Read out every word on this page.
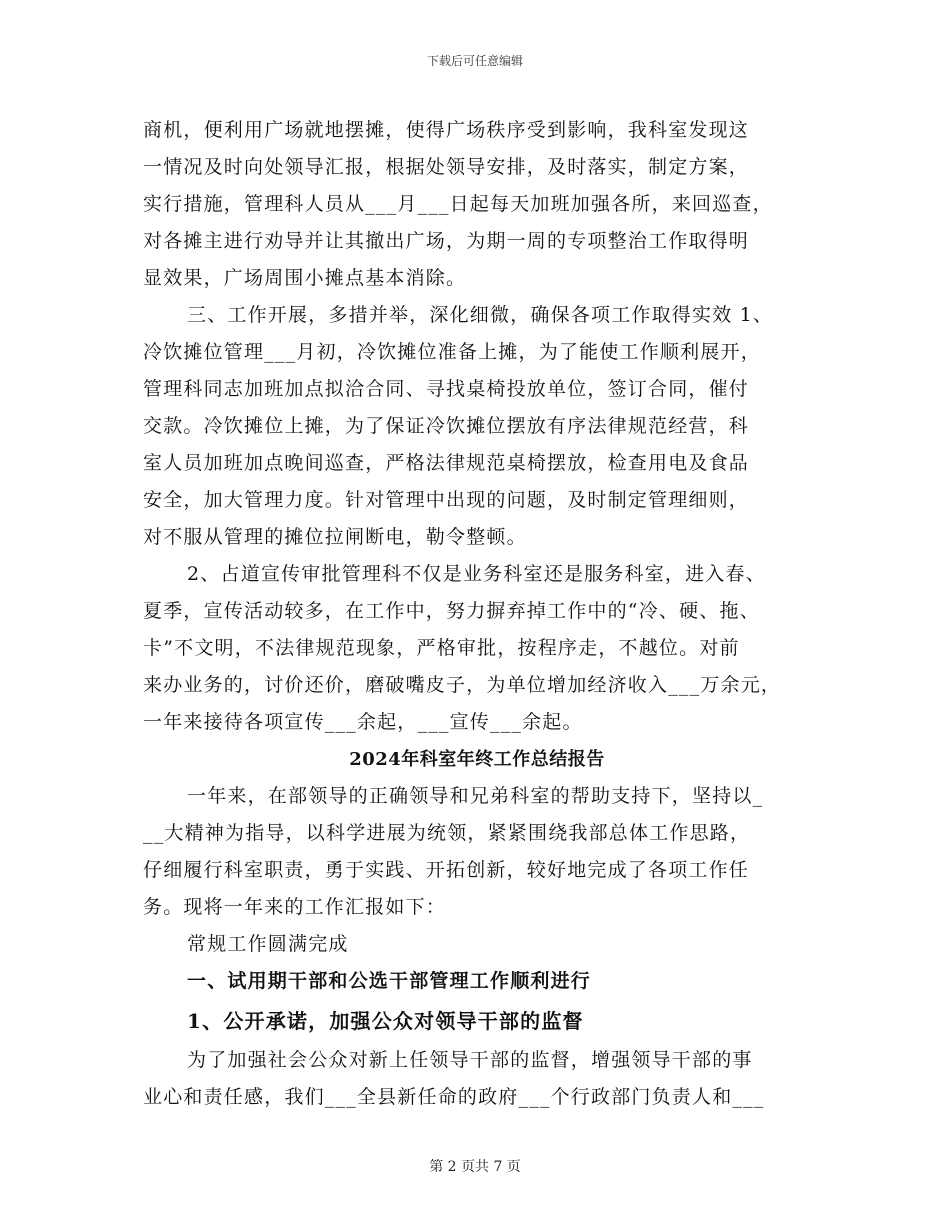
下载后可任意编辑
商机，便利用广场就地摆摊，使得广场秩序受到影响，我科室发现这
一情况及时向处领导汇报，根据处领导安排，及时落实，制定方案，
实行措施，管理科人员从___月___日起每天加班加强各所，来回巡查，
对各摊主进行劝导并让其撤出广场，为期一周的专项整治工作取得明
显效果，广场周围小摊点基本消除。
三、工作开展，多措并举，深化细微，确保各项工作取得实效 1、
冷饮摊位管理___月初，冷饮摊位准备上摊，为了能使工作顺利展开，
管理科同志加班加点拟洽合同、寻找桌椅投放单位，签订合同，催付
交款。冷饮摊位上摊，为了保证冷饮摊位摆放有序法律规范经营，科
室人员加班加点晚间巡查，严格法律规范桌椅摆放，检查用电及食品
安全，加大管理力度。针对管理中出现的问题，及时制定管理细则，
对不服从管理的摊位拉闸断电，勒令整顿。
2、占道宣传审批管理科不仅是业务科室还是服务科室，进入春、
夏季，宣传活动较多，在工作中，努力摒弃掉工作中的“冷、硬、拖、
卡”不文明，不法律规范现象，严格审批，按程序走，不越位。对前
来办业务的，讨价还价，磨破嘴皮子，为单位增加经济收入___万余元，
一年来接待各项宣传___余起，___宣传___余起。
2024年科室年终工作总结报告
一年来，在部领导的正确领导和兄弟科室的帮助支持下，坚持以_
__大精神为指导，以科学进展为统领，紧紧围绕我部总体工作思路，
仔细履行科室职责，勇于实践、开拓创新，较好地完成了各项工作任
务。现将一年来的工作汇报如下：
常规工作圆满完成
一、试用期干部和公选干部管理工作顺利进行
1、公开承诺，加强公众对领导干部的监督
为了加强社会公众对新上任领导干部的监督，增强领导干部的事
业心和责任感，我们___全县新任命的政府___个行政部门负责人和___
第 2 页共 7 页
